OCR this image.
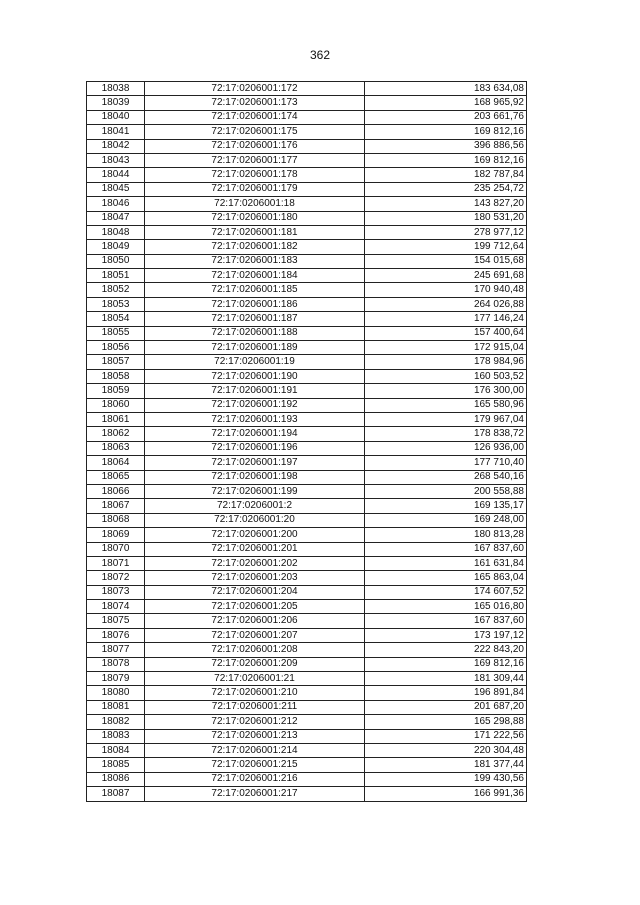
362
18038	72:17:0206001:172	183 634,08
18039	72:17:0206001:173	168 965,92
18040	72:17:0206001:174	203 661,76
18041	72:17:0206001:175	169 812,16
18042	72:17:0206001:176	396 886,56
18043	72:17:0206001:177	169 812,16
18044	72:17:0206001:178	182 787,84
18045	72:17:0206001:179	235 254,72
18046	72:17:0206001:18	143 827,20
18047	72:17:0206001:180	180 531,20
18048	72:17:0206001:181	278 977,12
18049	72:17:0206001:182	199 712,64
18050	72:17:0206001:183	154 015,68
18051	72:17:0206001:184	245 691,68
18052	72:17:0206001:185	170 940,48
18053	72:17:0206001:186	264 026,88
18054	72:17:0206001:187	177 146,24
18055	72:17:0206001:188	157 400,64
18056	72:17:0206001:189	172 915,04
18057	72:17:0206001:19	178 984,96
18058	72:17:0206001:190	160 503,52
18059	72:17:0206001:191	176 300,00
18060	72:17:0206001:192	165 580,96
18061	72:17:0206001:193	179 967,04
18062	72:17:0206001:194	178 838,72
18063	72:17:0206001:196	126 936,00
18064	72:17:0206001:197	177 710,40
18065	72:17:0206001:198	268 540,16
18066	72:17:0206001:199	200 558,88
18067	72:17:0206001:2	169 135,17
18068	72:17:0206001:20	169 248,00
18069	72:17:0206001:200	180 813,28
18070	72:17:0206001:201	167 837,60
18071	72:17:0206001:202	161 631,84
18072	72:17:0206001:203	165 863,04
18073	72:17:0206001:204	174 607,52
18074	72:17:0206001:205	165 016,80
18075	72:17:0206001:206	167 837,60
18076	72:17:0206001:207	173 197,12
18077	72:17:0206001:208	222 843,20
18078	72:17:0206001:209	169 812,16
18079	72:17:0206001:21	181 309,44
18080	72:17:0206001:210	196 891,84
18081	72:17:0206001:211	201 687,20
18082	72:17:0206001:212	165 298,88
18083	72:17:0206001:213	171 222,56
18084	72:17:0206001:214	220 304,48
18085	72:17:0206001:215	181 377,44
18086	72:17:0206001:216	199 430,56
18087	72:17:0206001:217	166 991,36
